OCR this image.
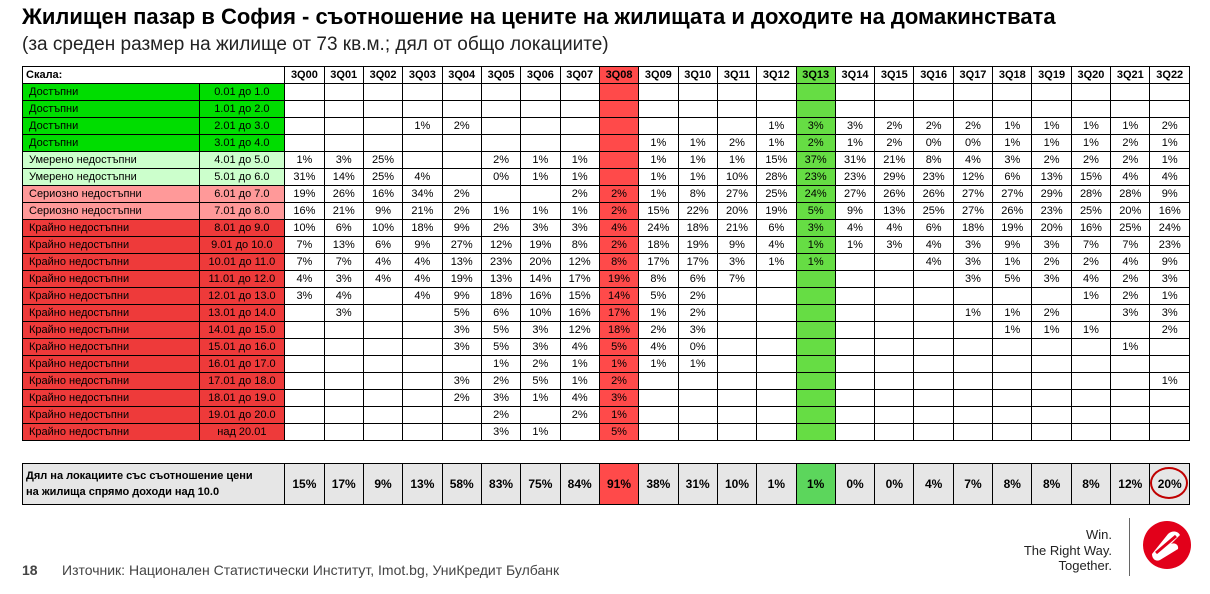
Жилищен пазар в София - съотношение на цените на жилищата и доходите на домакинствата
(за среден размер на жилище от 73 кв.м.; дял от общо локациите)
Скала:		3Q00	3Q01	3Q02	3Q03	3Q04	3Q05	3Q06	3Q07	3Q08	3Q09	3Q10	3Q11	3Q12	3Q13	3Q14	3Q15	3Q16	3Q17	3Q18	3Q19	3Q20	3Q21	3Q22
Достъпни	0.01 до 1.0																							
Достъпни	1.01 до 2.0																							
Достъпни	2.01 до 3.0				1%	2%								1%	3%	3%	2%	2%	2%	1%	1%	1%	1%	2%
Достъпни	3.01 до 4.0										1%	1%	2%	1%	2%	1%	2%	0%	0%	1%	1%	1%	2%	1%
Умерено недостъпни	4.01 до 5.0	1%	3%	25%			2%	1%	1%		1%	1%	1%	15%	37%	31%	21%	8%	4%	3%	2%	2%	2%	1%
Умерено недостъпни	5.01 до 6.0	31%	14%	25%	4%		0%	1%	1%		1%	1%	10%	28%	23%	23%	29%	23%	12%	6%	13%	15%	4%	4%
Сериозно недостъпни	6.01 до 7.0	19%	26%	16%	34%	2%			2%	2%	1%	8%	27%	25%	24%	27%	26%	26%	27%	27%	29%	28%	28%	9%
Сериозно недостъпни	7.01 до 8.0	16%	21%	9%	21%	2%	1%	1%	1%	2%	15%	22%	20%	19%	5%	9%	13%	25%	27%	26%	23%	25%	20%	16%
Крайно недостъпни	8.01 до 9.0	10%	6%	10%	18%	9%	2%	3%	3%	4%	24%	18%	21%	6%	3%	4%	4%	6%	18%	19%	20%	16%	25%	24%
Крайно недостъпни	9.01 до 10.0	7%	13%	6%	9%	27%	12%	19%	8%	2%	18%	19%	9%	4%	1%	1%	3%	4%	3%	9%	3%	7%	7%	23%
Крайно недостъпни	10.01 до 11.0	7%	7%	4%	4%	13%	23%	20%	12%	8%	17%	17%	3%	1%	1%			4%	3%	1%	2%	2%	4%	9%
Крайно недостъпни	11.01 до 12.0	4%	3%	4%	4%	19%	13%	14%	17%	19%	8%	6%	7%						3%	5%	3%	4%	2%	3%
Крайно недостъпни	12.01 до 13.0	3%	4%		4%	9%	18%	16%	15%	14%	5%	2%										1%	2%	1%
Крайно недостъпни	13.01 до 14.0		3%			5%	6%	10%	16%	17%	1%	2%							1%	1%	2%		3%	3%
Крайно недостъпни	14.01 до 15.0					3%	5%	3%	12%	18%	2%	3%								1%	1%	1%		2%
Крайно недостъпни	15.01 до 16.0					3%	5%	3%	4%	5%	4%	0%											1%	
Крайно недостъпни	16.01 до 17.0						1%	2%	1%	1%	1%	1%												
Крайно недостъпни	17.01 до 18.0					3%	2%	5%	1%	2%														1%
Крайно недостъпни	18.01 до 19.0					2%	3%	1%	4%	3%														
Крайно недостъпни	19.01 до 20.0						2%		2%	1%														
Крайно недостъпни	над 20.01						3%	1%		5%														
Дял на локациите със съотношение цени
на жилища спрямо доходи над 10.0
	15%	17%	9%	13%	58%	83%	75%	84%	91%	38%	31%	10%	1%	1%	0%	0%	4%	7%	8%	8%	8%	12%	20%
18 Източник: Национален Статистически Институт, Imot.bg, УниКредит Булбанк
Win.
The Right Way.
Together.
